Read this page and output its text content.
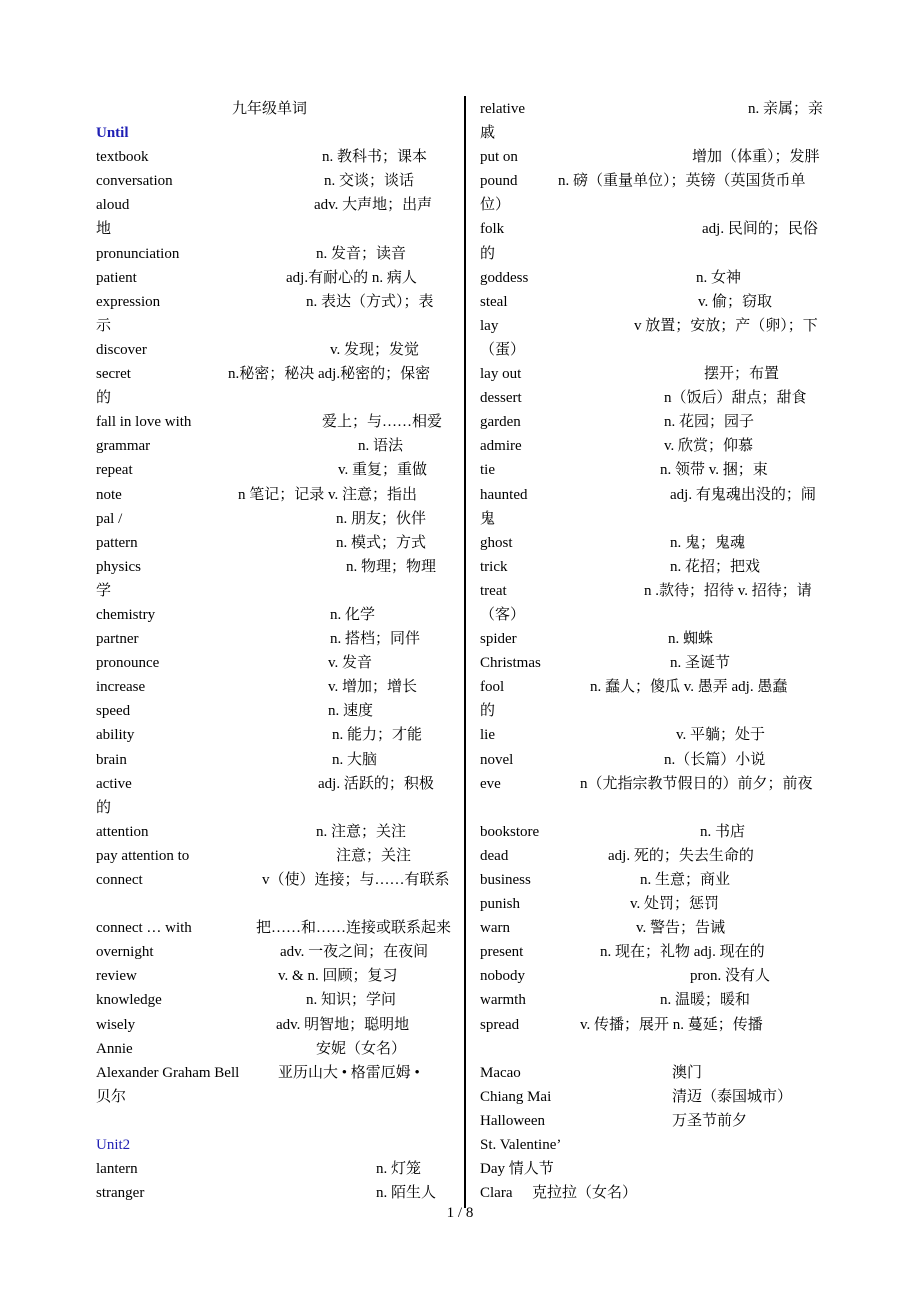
九年级单词
Until
textbook	n. 教科书；课本
conversation	n. 交谈；谈话
aloud	adv. 大声地；出声
地
pronunciation	n. 发音；读音
patient	adj.有耐心的 n. 病人
expression	n. 表达（方式）；表
示
discover	v. 发现；发觉
secret	n.秘密；秘决 adj.秘密的；保密
的
fall in love with	爱上；与……相爱
grammar	n. 语法
repeat	v. 重复；重做
note	n 笔记；记录 v. 注意；指出
pal /	n. 朋友；伙伴
pattern	n. 模式；方式
physics	n. 物理；物理
学
chemistry	n. 化学
partner	n. 搭档；同伴
pronounce	v. 发音
increase	v. 增加；增长
speed	n. 速度
ability	n. 能力；才能
brain	n. 大脑
active	adj. 活跃的；积极
的
attention	n. 注意；关注
pay attention to	注意；关注
connect	v（使）连接；与……有联系
connect … with	把……和……连接或联系起来
overnight	adv. 一夜之间；在夜间
review	v. & n. 回顾；复习
knowledge	n. 知识；学问
wisely	adv. 明智地；聪明地
Annie	安妮（女名）
Alexander Graham Bell	亚历山大 • 格雷厄姆 •
贝尔
Unit2
lantern	n. 灯笼
stranger	n. 陌生人
relative	n. 亲属；亲
戚
put on	增加（体重）；发胖
pound	n. 磅（重量单位）；英镑（英国货币单
位）
folk	adj. 民间的；民俗
的
goddess	n. 女神
steal	v. 偷；窃取
lay	v 放置；安放；产（卵）；下
（蛋）
lay out	摆开；布置
dessert	n（饭后）甜点；甜食
garden	n. 花园；园子
admire	v. 欣赏；仰慕
tie	n. 领带 v. 捆；束
haunted	adj. 有鬼魂出没的；闹
鬼
ghost	n. 鬼；鬼魂
trick	n. 花招；把戏
treat	n .款待；招待 v. 招待；请
（客）
spider	n. 蜘蛛
Christmas	n. 圣诞节
fool	n. 蠢人；傻瓜 v. 愚弄 adj. 愚蠢
的
lie	v. 平躺；处于
novel	n.（长篇）小说
eve	n（尤指宗教节假日的）前夕；前夜
bookstore	n. 书店
dead	adj. 死的；失去生命的
business	n. 生意；商业
punish	v. 处罚；惩罚
warn	v. 警告；告诫
present	n. 现在；礼物 adj. 现在的
nobody	pron. 没有人
warmth	n. 温暖；暖和
spread	v. 传播；展开 n. 蔓延；传播
Macao	澳门
Chiang Mai	清迈（泰国城市）
Halloween	万圣节前夕
St. Valentine’
Day 情人节
Clara 克拉拉（女名）
1 / 8
